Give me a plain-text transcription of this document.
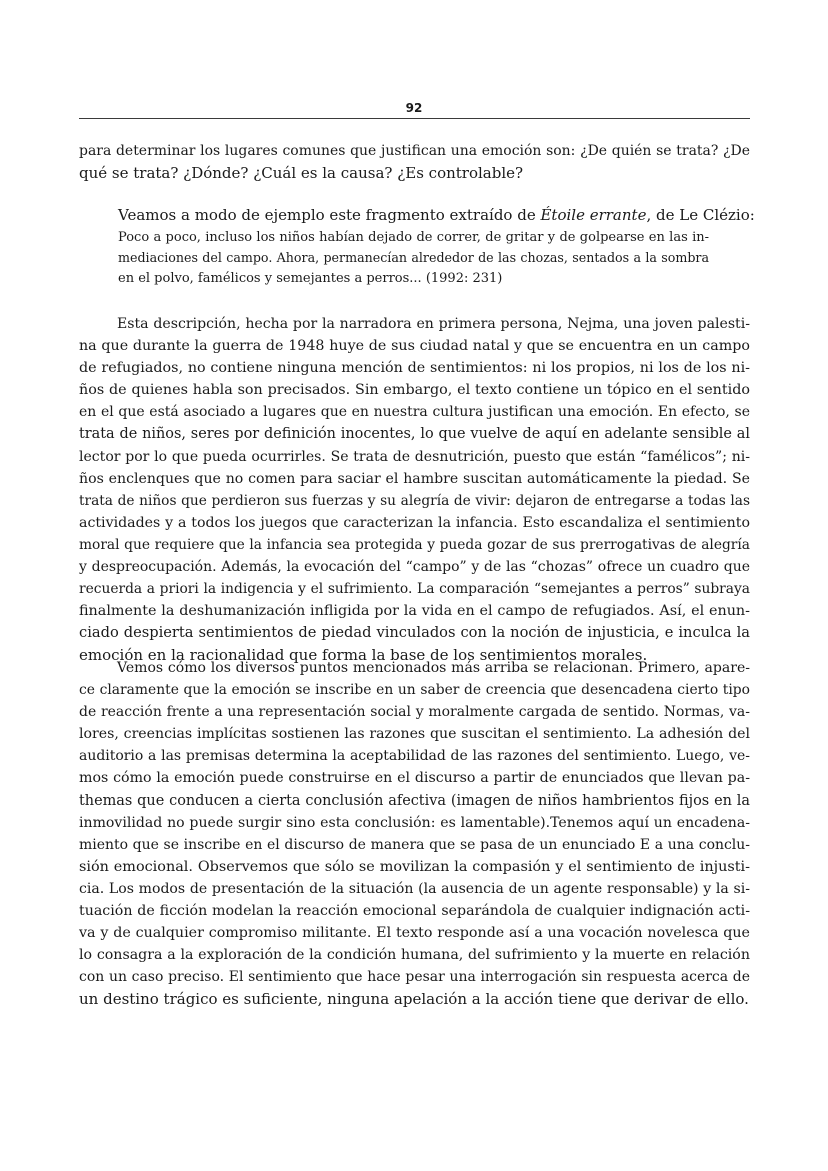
92
para determinar los lugares comunes que justifican una emoción son: ¿De quién se trata? ¿De
qué se trata? ¿Dónde? ¿Cuál es la causa? ¿Es controlable?
Veamos a modo de ejemplo este fragmento extraído de Étoile errante, de Le Clézio:
Poco a poco, incluso los niños habían dejado de correr, de gritar y de golpearse en las in-
mediaciones del campo. Ahora, permanecían alrededor de las chozas, sentados a la sombra
en el polvo, famélicos y semejantes a perros... (1992: 231)
Esta descripción, hecha por la narradora en primera persona, Nejma, una joven palesti-
na que durante la guerra de 1948 huye de sus ciudad natal y que se encuentra en un campo
de refugiados, no contiene ninguna mención de sentimientos: ni los propios, ni los de los ni-
ños de quienes habla son precisados. Sin embargo, el texto contiene un tópico en el sentido
en el que está asociado a lugares que en nuestra cultura justifican una emoción. En efecto, se
trata de niños, seres por definición inocentes, lo que vuelve de aquí en adelante sensible al
lector por lo que pueda ocurrirles. Se trata de desnutrición, puesto que están “famélicos”; ni-
ños enclenques que no comen para saciar el hambre suscitan automáticamente la piedad. Se
trata de niños que perdieron sus fuerzas y su alegría de vivir: dejaron de entregarse a todas las
actividades y a todos los juegos que caracterizan la infancia. Esto escandaliza el sentimiento
moral que requiere que la infancia sea protegida y pueda gozar de sus prerrogativas de alegría
y despreocupación. Además, la evocación del “campo” y de las “chozas” ofrece un cuadro que
recuerda a priori la indigencia y el sufrimiento. La comparación “semejantes a perros” subraya
finalmente la deshumanización infligida por la vida en el campo de refugiados. Así, el enun-
ciado despierta sentimientos de piedad vinculados con la noción de injusticia, e inculca la
emoción en la racionalidad que forma la base de los sentimientos morales.
Vemos cómo los diversos puntos mencionados más arriba se relacionan. Primero, apare-
ce claramente que la emoción se inscribe en un saber de creencia que desencadena cierto tipo
de reacción frente a una representación social y moralmente cargada de sentido. Normas, va-
lores, creencias implícitas sostienen las razones que suscitan el sentimiento. La adhesión del
auditorio a las premisas determina la aceptabilidad de las razones del sentimiento. Luego, ve-
mos cómo la emoción puede construirse en el discurso a partir de enunciados que llevan pa-
themas que conducen a cierta conclusión afectiva (imagen de niños hambrientos fijos en la
inmovilidad no puede surgir sino esta conclusión: es lamentable).Tenemos aquí un encadena-
miento que se inscribe en el discurso de manera que se pasa de un enunciado E a una conclu-
sión emocional. Observemos que sólo se movilizan la compasión y el sentimiento de injusti-
cia. Los modos de presentación de la situación (la ausencia de un agente responsable) y la si-
tuación de ficción modelan la reacción emocional separándola de cualquier indignación acti-
va y de cualquier compromiso militante. El texto responde así a una vocación novelesca que
lo consagra a la exploración de la condición humana, del sufrimiento y la muerte en relación
con un caso preciso. El sentimiento que hace pesar una interrogación sin respuesta acerca de
un destino trágico es suficiente, ninguna apelación a la acción tiene que derivar de ello.
